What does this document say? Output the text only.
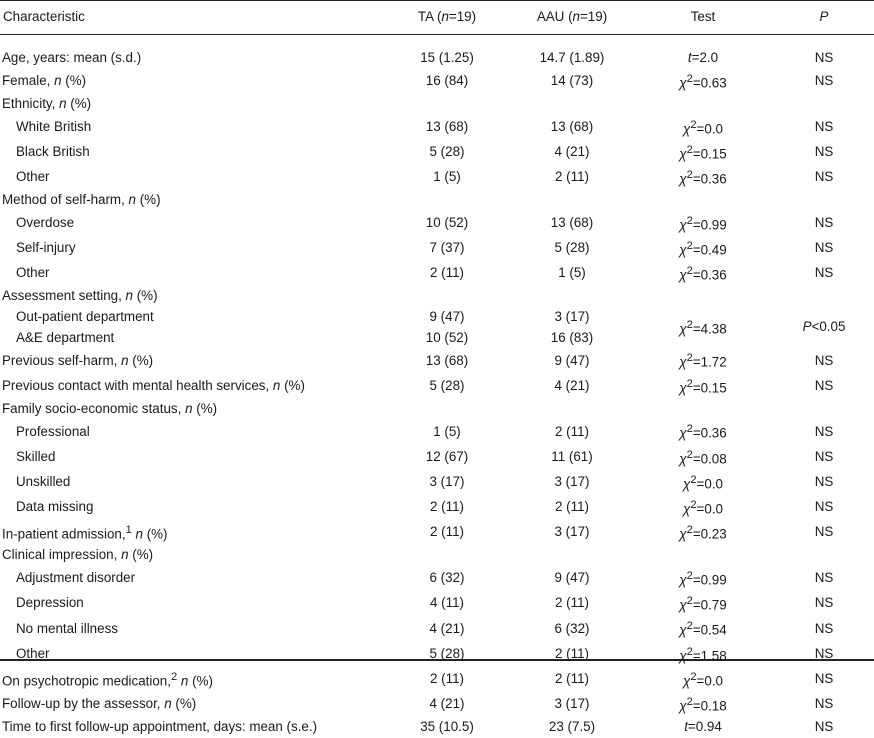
Characteristic	TA (n=19)	AAU (n=19)	Test	P

Age, years: mean (s.d.)	15 (1.25)	14.7 (1.89)	t=2.0	NS
Female, n (%)	16 (84)	14 (73)	$\chi^2=0.63$	NS
Ethnicity, n (%)				
White British	13 (68)	13 (68)	$\chi^2=0.0$	NS
Black British	5 (28)	4 (21)	$\chi^2=0.15$	NS
Other	1 (5)	2 (11)	$\chi^2=0.36$	NS
Method of self-harm, n (%)				
Overdose	10 (52)	13 (68)	$\chi^2=0.99$	NS
Self-injury	7 (37)	5 (28)	$\chi^2=0.49$	NS
Other	2 (11)	1 (5)	$\chi^2=0.36$	NS
Assessment setting, n (%)				
Out-patient department	9 (47)	3 (17)	$\chi^2=4.38$	P<0.05
A&E department	10 (52)	16 (83)		
Previous self-harm, n (%)	13 (68)	9 (47)	$\chi^2=1.72$	NS
Previous contact with mental health services, n (%)	5 (28)	4 (21)	$\chi^2=0.15$	NS
Family socio-economic status, n (%)				
Professional	1 (5)	2 (11)	$\chi^2=0.36$	NS
Skilled	12 (67)	11 (61)	$\chi^2=0.08$	NS
Unskilled	3 (17)	3 (17)	$\chi^2=0.0$	NS
Data missing	2 (11)	2 (11)	$\chi^2=0.0$	NS
In-patient admission,$^1$ n (%)	2 (11)	3 (17)	$\chi^2=0.23$	NS
Clinical impression, n (%)				
Adjustment disorder	6 (32)	9 (47)	$\chi^2=0.99$	NS
Depression	4 (11)	2 (11)	$\chi^2=0.79$	NS
No mental illness	4 (21)	6 (32)	$\chi^2=0.54$	NS
Other	5 (28)	2 (11)	$\chi^2=1.58$	NS
On psychotropic medication,$^2$ n (%)	2 (11)	2 (11)	$\chi^2=0.0$	NS
Follow-up by the assessor, n (%)	4 (21)	3 (17)	$\chi^2=0.18$	NS
Time to first follow-up appointment, days: mean (s.e.)	35 (10.5)	23 (7.5)	t=0.94	NS
